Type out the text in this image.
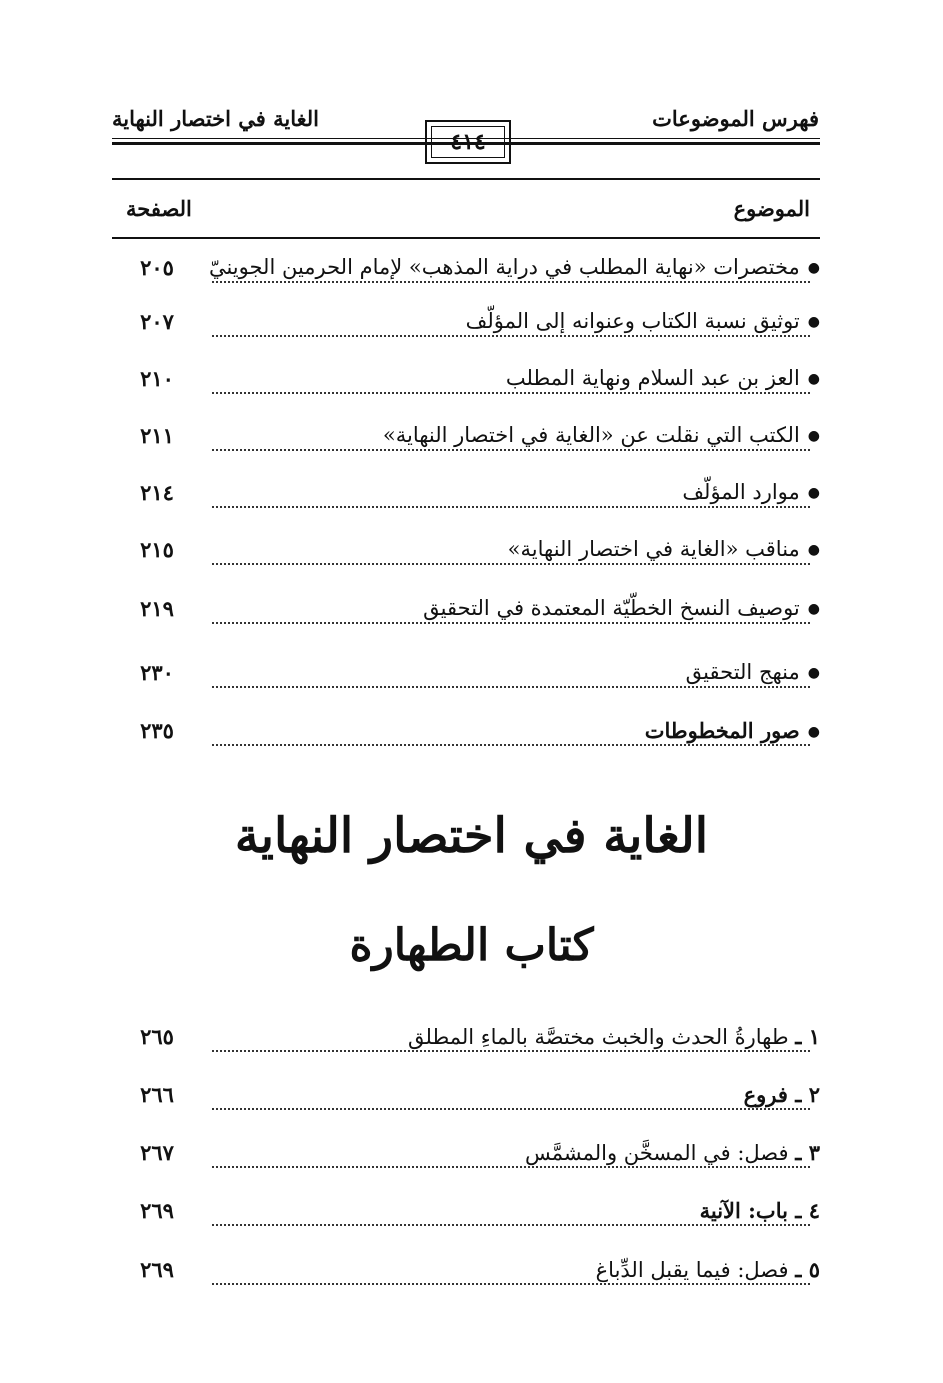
فهرس الموضوعات
الغاية في اختصار النهاية
الموضوع
الصفحة
●مختصرات «نهاية المطلب في دراية المذهب» لإمام الحرمين الجوينيّ
٢٠٥
●توثيق نسبة الكتاب وعنوانه إلى المؤلّف
٢٠٧
●العز بن عبد السلام ونهاية المطلب
٢١٠
●الكتب التي نقلت عن «الغاية في اختصار النهاية»
٢١١
●موارد المؤلّف
٢١٤
●مناقب «الغاية في اختصار النهاية»
٢١٥
●توصيف النسخ الخطّيّة المعتمدة في التحقيق
٢١٩
●منهج التحقيق
٢٣٠
●صور المخطوطات
٢٣٥
الغاية في اختصار النهاية
كتاب الطهارة
١ ـ طهارةُ الحدث والخبث مختصَّة بالماءِ المطلق
٢٦٥
٢ ـ فروع
٢٦٦
٣ ـ فصل: في المسخَّن والمشمَّس
٢٦٧
٤ ـ باب: الآنية
٢٦٩
٥ ـ فصل: فيما يقبل الدِّباغ
٢٦٩
